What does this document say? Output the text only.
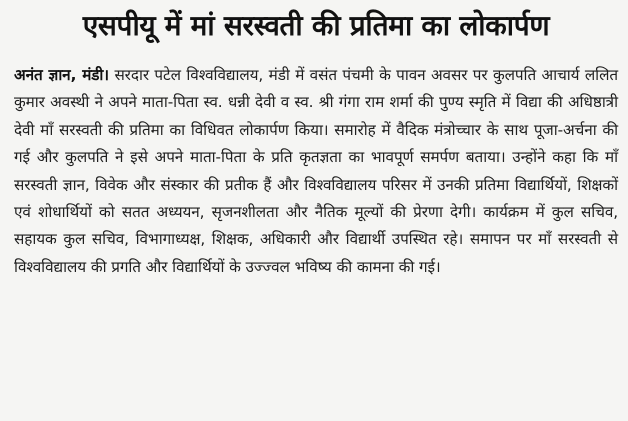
एसपीयू में मां सरस्वती की प्रतिमा का लोकार्पण

अनंत ज्ञान, मंडी। सरदार पटेल विश्वविद्यालय, मंडी में वसंत पंचमी के पावन अवसर पर कुलपति आचार्य ललित कुमार अवस्थी ने अपने माता-पिता स्व. धन्नी देवी व स्व. श्री गंगा राम शर्मा की पुण्य स्मृति में विद्या की अधिष्ठात्री देवी माँ सरस्वती की प्रतिमा का विधिवत लोकार्पण किया। समारोह में वैदिक मंत्रोच्चार के साथ पूजा-अर्चना की गई और कुलपति ने इसे अपने माता-पिता के प्रति कृतज्ञता का भावपूर्ण समर्पण बताया। उन्होंने कहा कि माँ सरस्वती ज्ञान, विवेक और संस्कार की प्रतीक हैं और विश्वविद्यालय परिसर में उनकी प्रतिमा विद्यार्थियों, शिक्षकों एवं शोधार्थियों को सतत अध्ययन, सृजनशीलता और नैतिक मूल्यों की प्रेरणा देगी। कार्यक्रम में कुल सचिव, सहायक कुल सचिव, विभागाध्यक्ष, शिक्षक, अधिकारी और विद्यार्थी उपस्थित रहे। समापन पर माँ सरस्वती से विश्वविद्यालय की प्रगति और विद्यार्थियों के उज्ज्वल भविष्य की कामना की गई।
